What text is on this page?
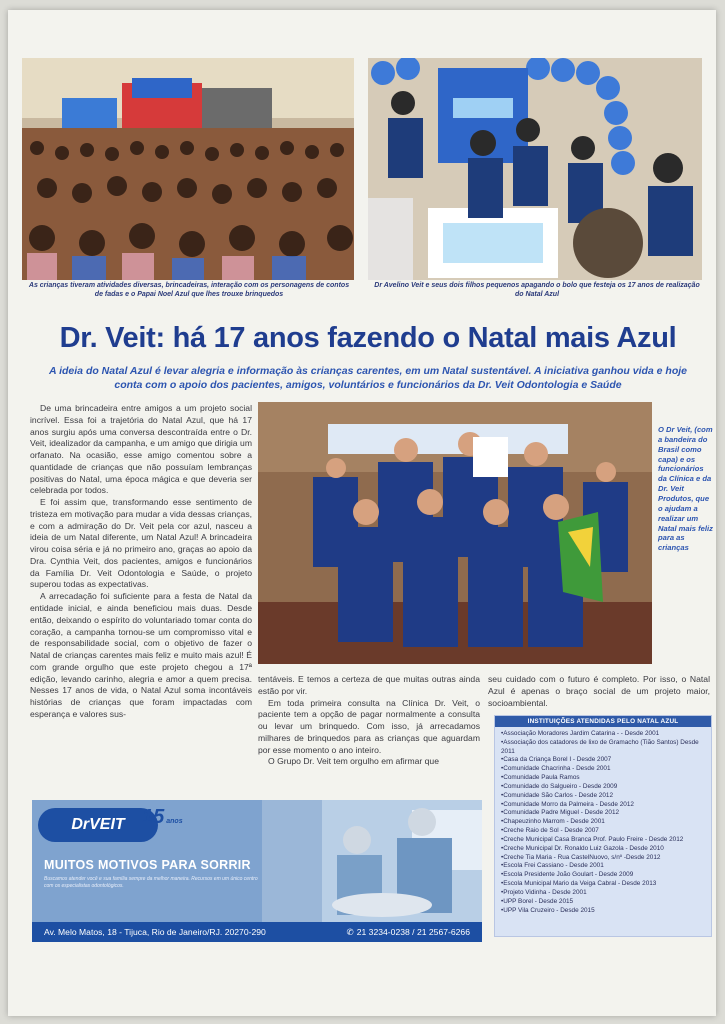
As crianças tiveram atividades diversas, brincadeiras, interação com os personagens de contos de fadas e o Papai Noel Azul que lhes trouxe brinquedos
Dr Avelino Veit e seus dois filhos pequenos apagando o bolo que festeja os 17 anos de realização do Natal Azul
Dr. Veit: há 17 anos fazendo o Natal mais Azul
A ideia do Natal Azul é levar alegria e informação às crianças carentes, em um Natal sustentável. A iniciativa ganhou vida e hoje conta com o apoio dos pacientes, amigos, voluntários e funcionários da Dr. Veit Odontologia e Saúde

De uma brincadeira entre amigos a um projeto social incrível. Essa foi a trajetória do Natal Azul, que há 17 anos surgiu após uma conversa descontraída entre o Dr. Veit, idealizador da campanha, e um amigo que dirigia um orfanato. Na ocasião, esse amigo comentou sobre a quantidade de crianças que não possuíam lembranças positivas do Natal, uma época mágica e que deveria ser celebrada por todos.

E foi assim que, transformando esse sentimento de tristeza em motivação para mudar a vida dessas crianças, e com a admiração do Dr. Veit pela cor azul, nasceu a ideia de um Natal diferente, um Natal Azul! A brincadeira virou coisa séria e já no primeiro ano, graças ao apoio da Dra. Cynthia Veit, dos pacientes, amigos e funcionários da Família Dr. Veit Odontologia e Saúde, o projeto superou todas as expectativas.

A arrecadação foi suficiente para a festa de Natal da entidade inicial, e ainda beneficiou mais duas. Desde então, deixando o espírito do voluntariado tomar conta do coração, a campanha tornou-se um compromisso vital e de responsabilidade social, com o objetivo de fazer o Natal de crianças carentes mais feliz e muito mais azul! É com grande orgulho que este projeto chegou a 17ª edição, levando carinho, alegria e amor a quem precisa. Nesses 17 anos de vida, o Natal Azul soma incontáveis histórias de crianças que foram impactadas com esperança e valores sus-

O Dr Veit, (com a bandeira do Brasil como capa) e os funcionários da Clínica e da Dr. Veit Produtos, que o ajudam a realizar um Natal mais feliz para as crianças

tentáveis. E temos a certeza de que muitas outras ainda estão por vir.

Em toda primeira consulta na Clínica Dr. Veit, o paciente tem a opção de pagar normalmente a consulta ou levar um brinquedo. Com isso, já arrecadamos milhares de brinquedos para as crianças que aguardam por esse momento o ano inteiro.

O Grupo Dr. Veit tem orgulho em afirmar que

seu cuidado com o futuro é completo. Por isso, o Natal Azul é apenas o braço social de um projeto maior, socioambiental.

INSTITUIÇÕES ATENDIDAS PELO NATAL AZUL
• Associação Moradores Jardim Catarina - - Desde 2001
• Associação dos catadores de lixo de Gramacho (Tião Santos) Desde 2011
• Casa da Criança Borel I - Desde 2007
• Comunidade Chacrinha - Desde 2001
• Comunidade Paula Ramos
• Comunidade do Salgueiro - Desde 2009
• Comunidade São Carlos - Desde 2012
• Comunidade Morro da Palmeira - Desde 2012
• Comunidade Padre Miguel - Desde 2012
• Chapeuzinho Marrom - Desde 2001
• Creche Raio de Sol - Desde 2007
• Creche Municipal Casa Branca Prof. Paulo Freire - Desde 2012
• Creche Municipal Dr. Ronaldo Luiz Gazola - Desde 2010
• Creche Tia Maria - Rua CastelNuovo, s/nº -Desde 2012
• Escola Frei Cassiano - Desde 2001
• Escola Presidente João Goulart - Desde 2009
• Escola Municipal Mario da Veiga Cabral - Desde 2013
• Projeto Vidinha - Desde 2001
• UPP Borel - Desde 2015
• UPP Vila Cruzeiro - Desde 2015
DrVEIT 15 anos
MUITOS MOTIVOS PARA SORRIR
Buscamos atender você e sua família sempre da melhor maneira. Recursos em um único centro com os especialistas odontológicos.
Av. Melo Matos, 18 - Tijuca, Rio de Janeiro/RJ. 20270-290	✆ 21 3234-0238 / 21 2567-6266
